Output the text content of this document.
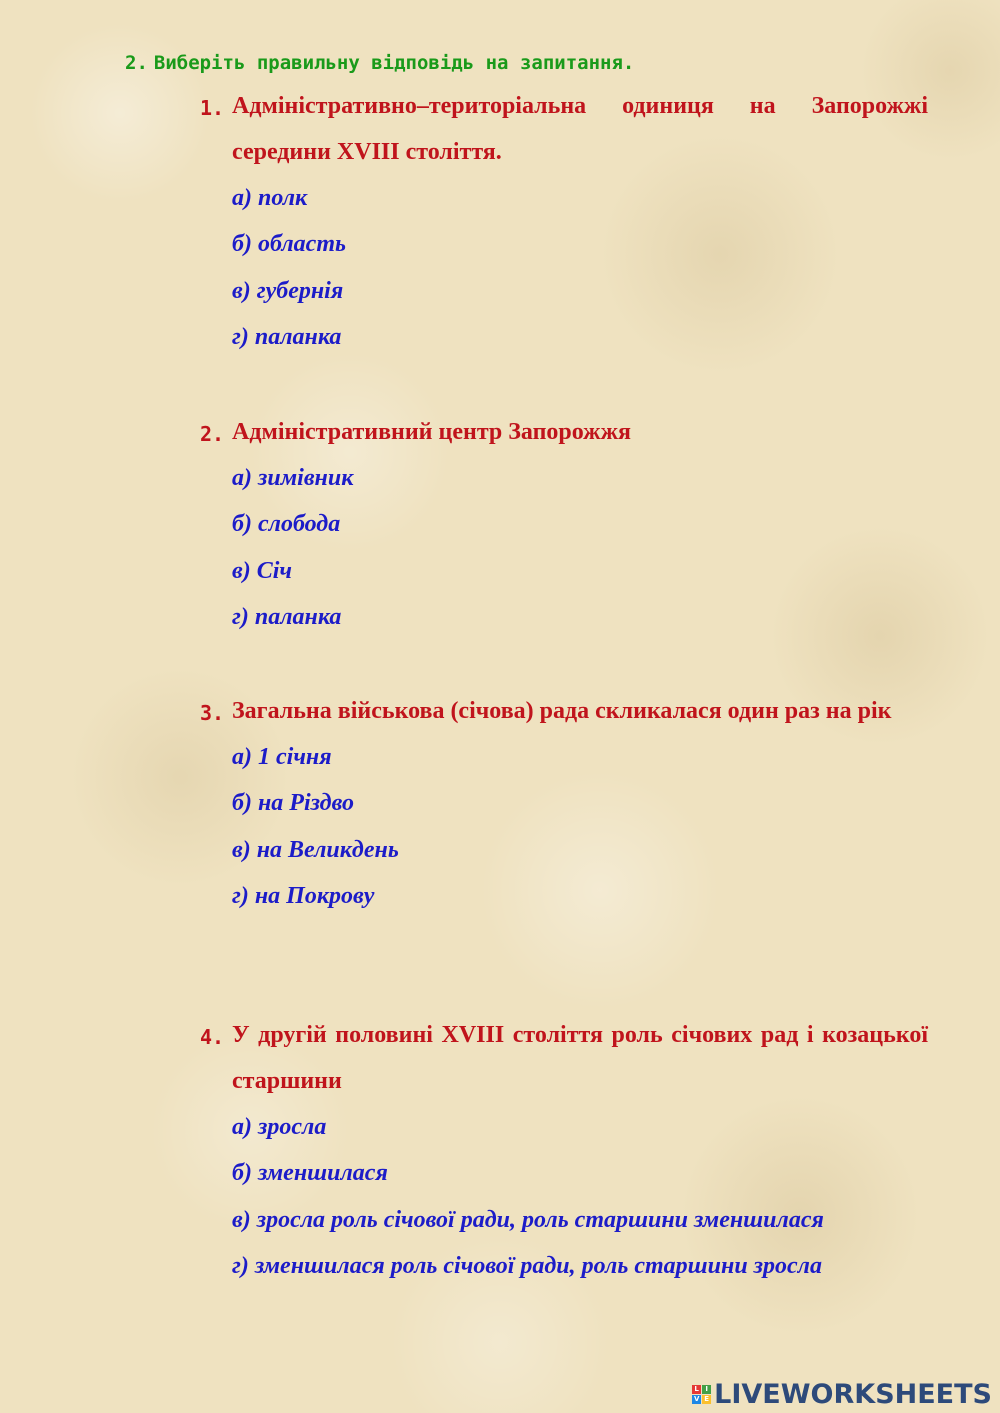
2. Виберіть правильну відповідь на запитання.
1. Адміністративно–територіальна одиниця на Запорожжі середини XVIII століття.
а) полк
б) область
в) губернія
г) паланка
2. Адміністративний центр Запорожжя
а) зимівник
б) слобода
в) Січ
г) паланка
3. Загальна військова (січова) рада скликалася один раз на рік
а) 1 січня
б) на Різдво
в) на Великдень
г) на Покрову
4. У другій половині XVIII століття роль січових рад і козацької старшини
а) зросла
б) зменшилася
в) зросла роль січової ради, роль старшини зменшилася
г) зменшилася роль січової ради, роль старшини зросла
L I
V E LIVEWORKSHEETS
